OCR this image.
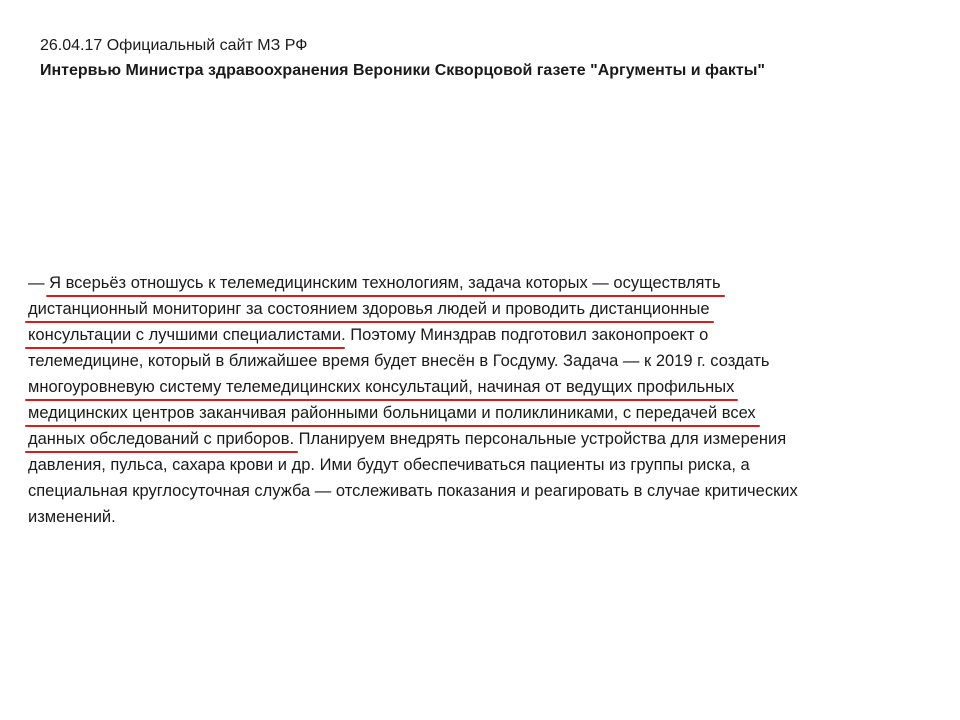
26.04.17 Официальный сайт МЗ РФ
Интервью Министра здравоохранения Вероники Скворцовой газете "Аргументы и факты"
— Я всерьёз отношусь к телемедицинским технологиям, задача которых — осуществлять
дистанционный мониторинг за состоянием здоровья людей и проводить дистанционные
консультации с лучшими специалистами. Поэтому Минздрав подготовил законопроект о
телемедицине, который в ближайшее время будет внесён в Госдуму. Задача — к 2019 г. создать
многоуровневую систему телемедицинских консультаций, начиная от ведущих профильных
медицинских центров заканчивая районными больницами и поликлиниками, с передачей всех
данных обследований с приборов. Планируем внедрять персональные устройства для измерения
давления, пульса, сахара крови и др. Ими будут обеспечиваться пациенты из группы риска, а
специальная круглосуточная служба — отслеживать показания и реагировать в случае критических
изменений.
